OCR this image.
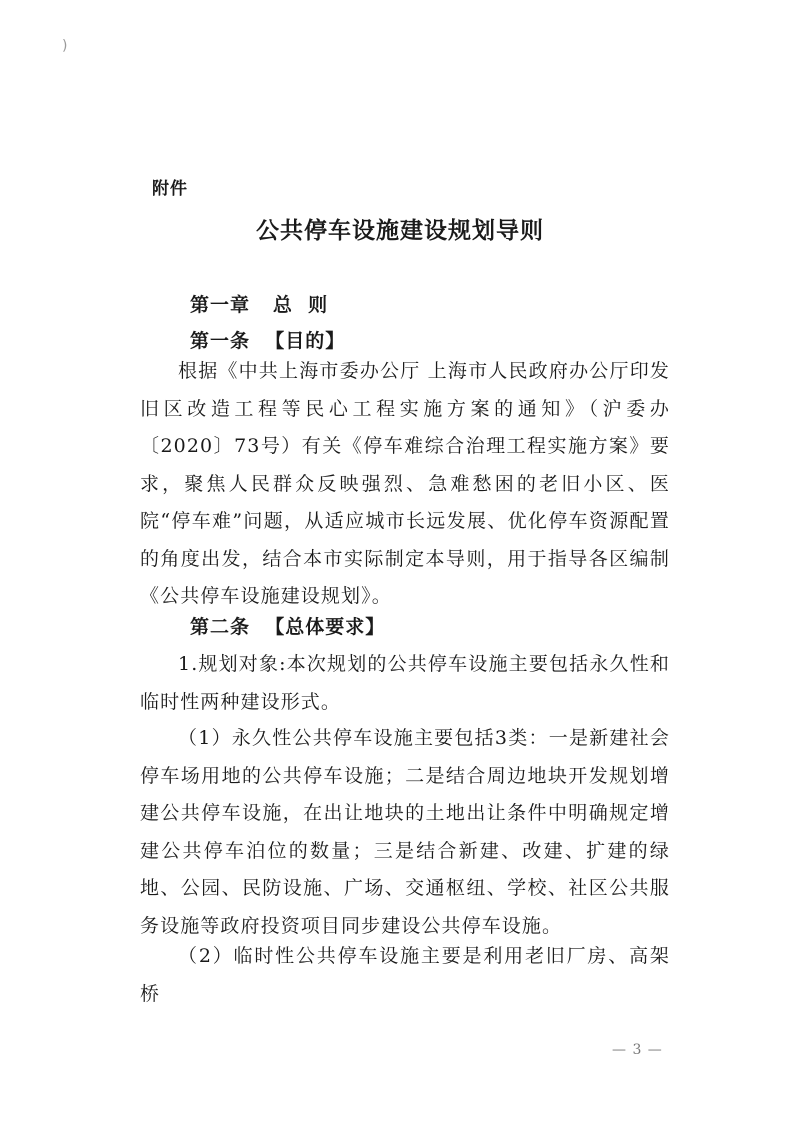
)
附件
公共停车设施建设规划导则
第一章   总  则
第一条  【目的】
根据《中共上海市委办公厅 上海市人民政府办公厅印发旧区改造工程等民心工程实施方案的通知》（沪委办〔2020〕73号）有关《停车难综合治理工程实施方案》要求，聚焦人民群众反映强烈、急难愁困的老旧小区、医院“停车难”问题，从适应城市长远发展、优化停车资源配置的角度出发，结合本市实际制定本导则，用于指导各区编制《公共停车设施建设规划》。
第二条  【总体要求】
1.规划对象:本次规划的公共停车设施主要包括永久性和临时性两种建设形式。
（1）永久性公共停车设施主要包括3类：一是新建社会停车场用地的公共停车设施；二是结合周边地块开发规划增建公共停车设施，在出让地块的土地出让条件中明确规定增建公共停车泊位的数量；三是结合新建、改建、扩建的绿地、公园、民防设施、广场、交通枢纽、学校、社区公共服务设施等政府投资项目同步建设公共停车设施。
（2）临时性公共停车设施主要是利用老旧厂房、高架桥
— 3 —
